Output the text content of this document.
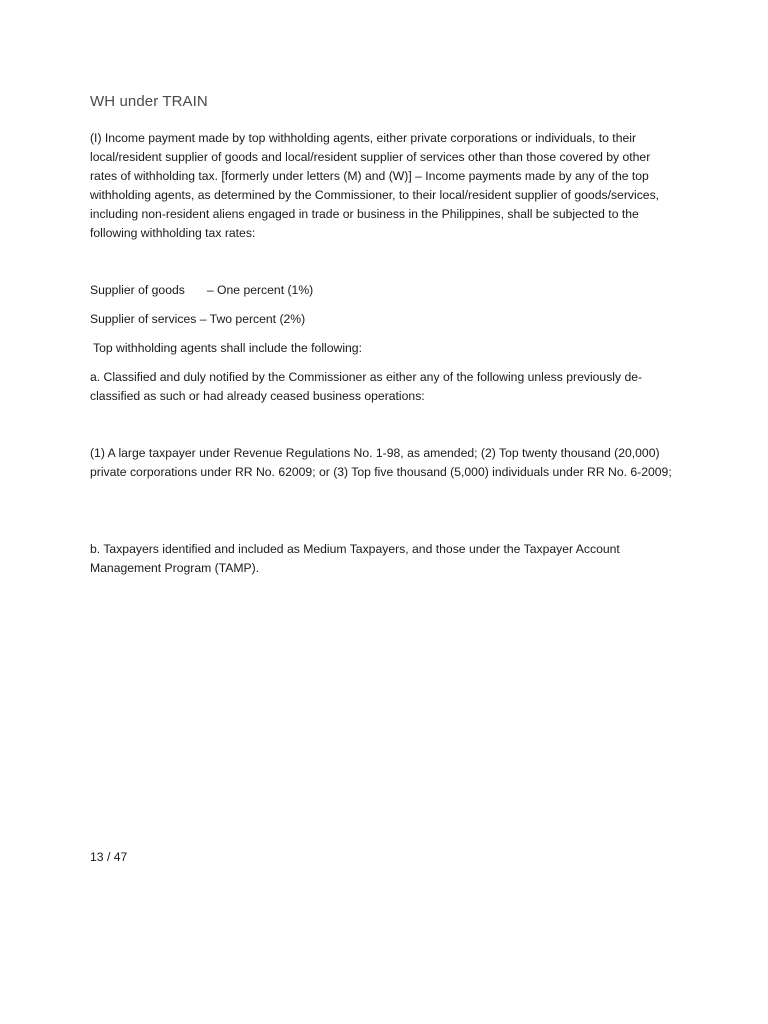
WH under TRAIN
(I) Income payment made by top withholding agents, either private corporations or individuals, to their local/resident supplier of goods and local/resident supplier of services other than those covered by other rates of withholding tax. [formerly under letters (M) and (W)] – Income payments made by any of the top withholding agents, as determined by the Commissioner, to their local/resident supplier of goods/services, including non-resident aliens engaged in trade or business in the Philippines, shall be subjected to the following withholding tax rates:
Supplier of goods – One percent (1%)
Supplier of services – Two percent (2%)
Top withholding agents shall include the following:
a. Classified and duly notified by the Commissioner as either any of the following unless previously de-classified as such or had already ceased business operations:
(1) A large taxpayer under Revenue Regulations No. 1-98, as amended; (2) Top twenty thousand (20,000) private corporations under RR No. 62009; or (3) Top five thousand (5,000) individuals under RR No. 6-2009;
b. Taxpayers identified and included as Medium Taxpayers, and those under the Taxpayer Account Management Program (TAMP).
13 / 47
